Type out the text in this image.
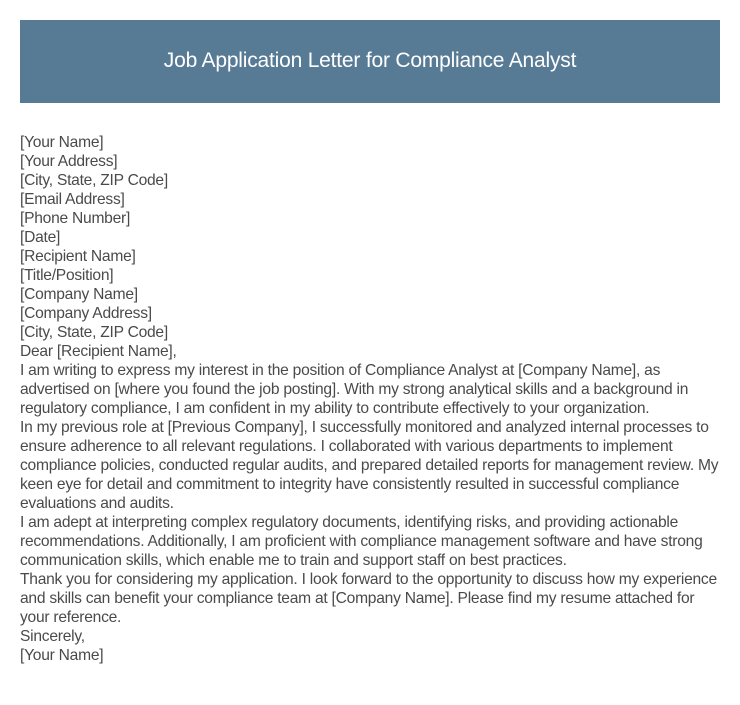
Job Application Letter for Compliance Analyst

[Your Name]

[Your Address]

[City, State, ZIP Code]

[Email Address]

[Phone Number]

[Date]

[Recipient Name]

[Title/Position]

[Company Name]

[Company Address]

[City, State, ZIP Code]

Dear [Recipient Name],

I am writing to express my interest in the position of Compliance Analyst at [Company Name], as advertised on [where you found the job posting]. With my strong analytical skills and a background in regulatory compliance, I am confident in my ability to contribute effectively to your organization.

In my previous role at [Previous Company], I successfully monitored and analyzed internal processes to ensure adherence to all relevant regulations. I collaborated with various departments to implement compliance policies, conducted regular audits, and prepared detailed reports for management review. My keen eye for detail and commitment to integrity have consistently resulted in successful compliance evaluations and audits.

I am adept at interpreting complex regulatory documents, identifying risks, and providing actionable recommendations. Additionally, I am proficient with compliance management software and have strong communication skills, which enable me to train and support staff on best practices.

Thank you for considering my application. I look forward to the opportunity to discuss how my experience and skills can benefit your compliance team at [Company Name]. Please find my resume attached for your reference.

Sincerely,

[Your Name]
